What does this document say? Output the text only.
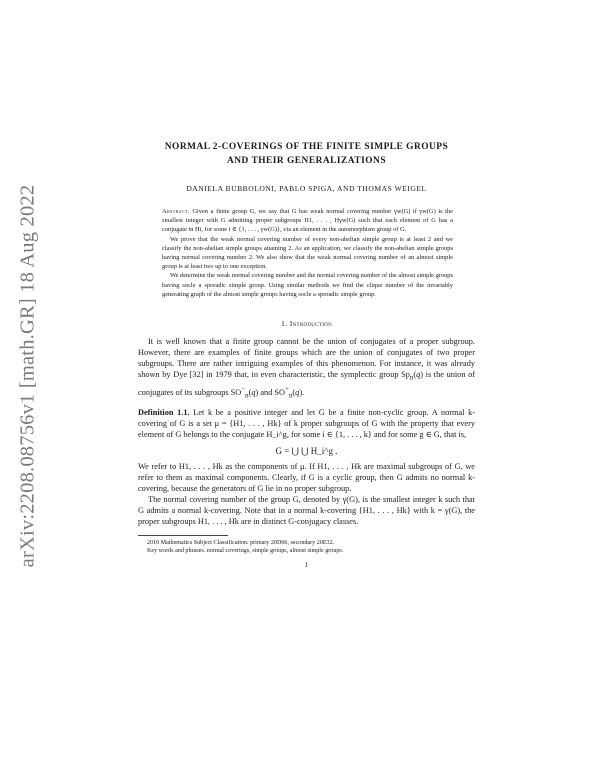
arXiv:2208.08756v1 [math.GR] 18 Aug 2022
NORMAL 2-COVERINGS OF THE FINITE SIMPLE GROUPS
AND THEIR GENERALIZATIONS
DANIELA BUBBOLONI, PABLO SPIGA, AND THOMAS WEIGEL

Abstract. Given a finite group G, we say that G has weak normal covering number γw(G) if γw(G) is the smallest integer with G admitting proper subgroups H1, . . . , Hγw(G) such that each element of G has a conjugate in Hi, for some i ∈ {1, . . . , γw(G)}, via an element in the automorphism group of G.

We prove that the weak normal covering number of every non-abelian simple group is at least 2 and we classify the non-abelian simple groups attaining 2. As an application, we classify the non-abelian simple groups having normal covering number 2. We also show that the weak normal covering number of an almost simple group is at least two up to one exception.

We determine the weak normal covering number and the normal covering number of the almost simple groups having socle a sporadic simple group. Using similar methods we find the clique number of the invariably generating graph of the almost simple groups having socle a sporadic simple group.

1. Introduction

It is well known that a finite group cannot be the union of conjugates of a proper subgroup. However, there are examples of finite groups which are the union of conjugates of two proper subgroups. There are rather intriguing examples of this phenomenon. For instance, it was already shown by Dye [32] in 1979 that, in even characteristic, the symplectic group $Sp_n(q)$ is the union of conjugates of its subgroups $SO^-_n(q)$ and $SO^+_n(q)$.

Definition 1.1. Let k be a positive integer and let G be a finite non-cyclic group. A normal k-covering of G is a set μ = {H1, . . . , Hk} of k proper subgroups of G with the property that every element of G belongs to the conjugate H_i^g, for some i ∈ {1, . . . , k} and for some g ∈ G, that is,

G = ⋃ ⋃ H_i^g .

We refer to H1, . . . , Hk as the components of μ. If H1, . . . , Hk are maximal subgroups of G, we refer to them as maximal components. Clearly, if G is a cyclic group, then G admits no normal k-covering, because the generators of G lie in no proper subgroup.

The normal covering number of the group G, denoted by γ(G), is the smallest integer k such that G admits a normal k-covering. Note that in a normal k-covering {H1, . . . , Hk} with k = γ(G), the proper subgroups H1, . . . , Hk are in distinct G-conjugacy classes.

2010 Mathematics Subject Classification. primary 20D06, secondary 20E32.

Key words and phrases. normal coverings, simple groups, almost simple groups.

1
